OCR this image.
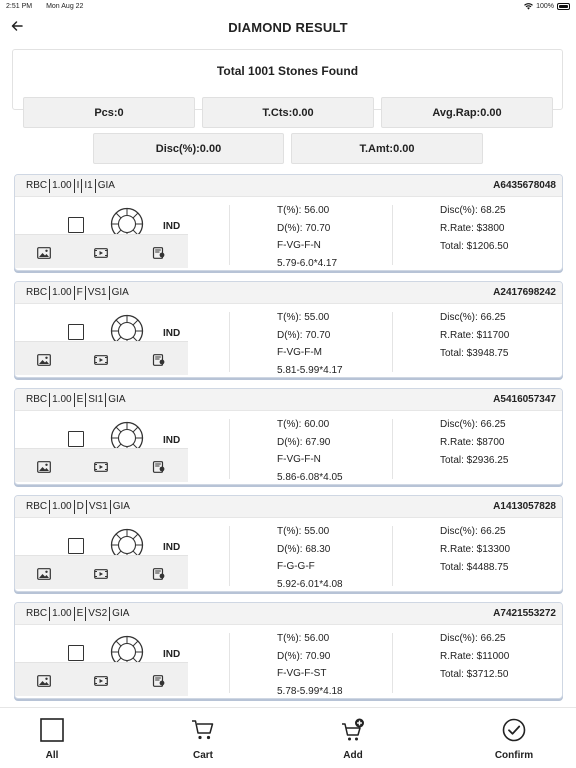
2:51 PM Mon Aug 22	100%
DIAMOND RESULT
Total 1001 Stones Found
Pcs:0	T.Cts:0.00	Avg.Rap:0.00
Disc(%):0.00	T.Amt:0.00
RBC 1.00 I I1 GIA	A6435678048
IND
T(%): 56.00
D(%): 70.70
F-VG-F-N
5.79-6.0*4.17
Disc(%): 68.25
R.Rate: $3800
Total: $1206.50
RBC 1.00 F VS1 GIA	A2417698242
IND
T(%): 55.00
D(%): 70.70
F-VG-F-M
5.81-5.99*4.17
Disc(%): 66.25
R.Rate: $11700
Total: $3948.75
RBC 1.00 E SI1 GIA	A5416057347
IND
T(%): 60.00
D(%): 67.90
F-VG-F-N
5.86-6.08*4.05
Disc(%): 66.25
R.Rate: $8700
Total: $2936.25
RBC 1.00 D VS1 GIA	A1413057828
IND
T(%): 55.00
D(%): 68.30
F-G-G-F
5.92-6.01*4.08
Disc(%): 66.25
R.Rate: $13300
Total: $4488.75
RBC 1.00 E VS2 GIA	A7421553272
IND
T(%): 56.00
D(%): 70.90
F-VG-F-ST
5.78-5.99*4.18
Disc(%): 66.25
R.Rate: $11000
Total: $3712.50
All	Cart	Add	Confirm
